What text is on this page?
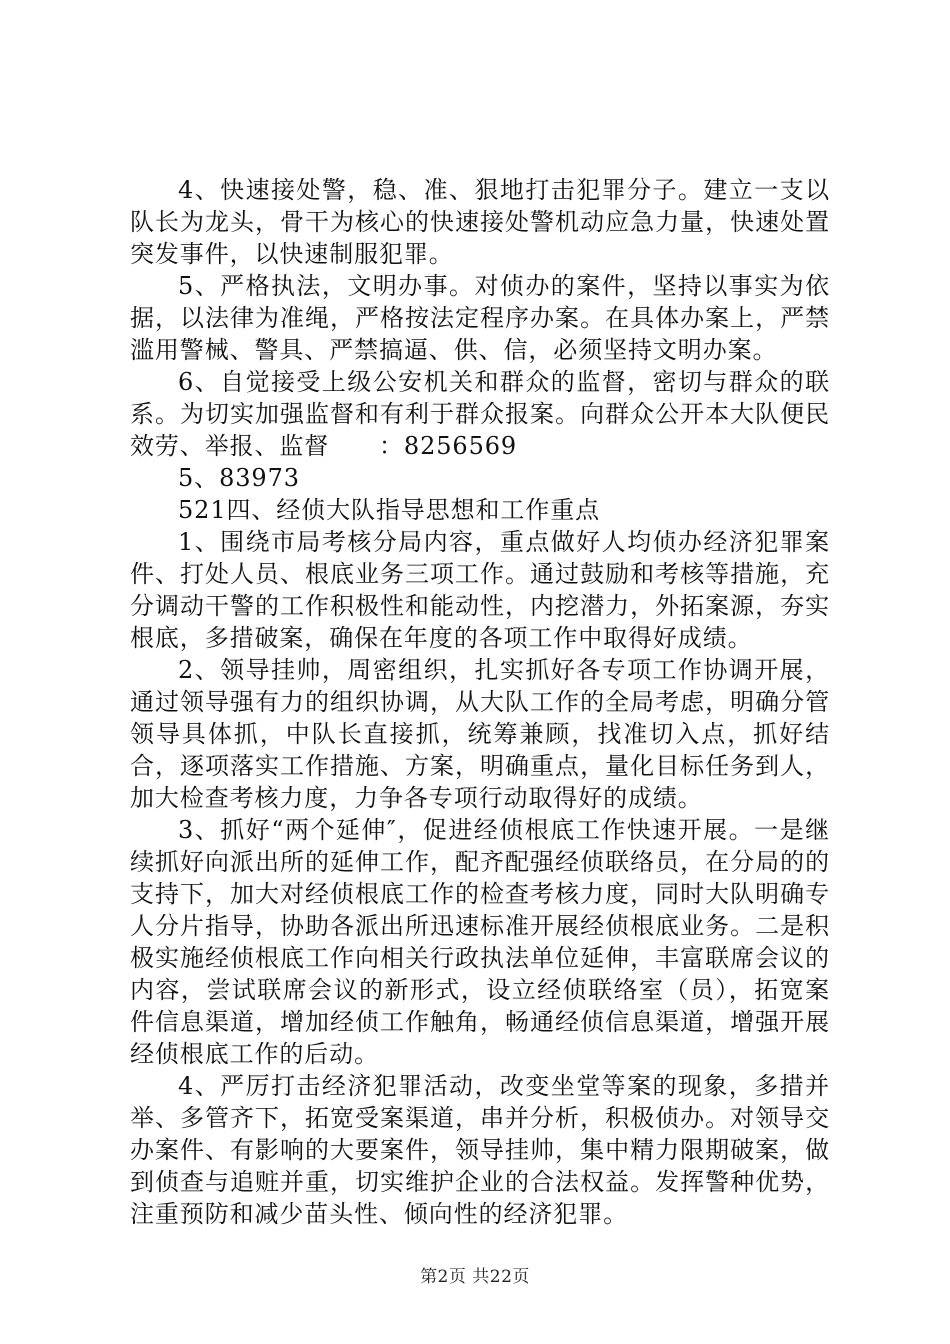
4、快速接处警，稳、准、狠地打击犯罪分子。建立一支以队长为龙头，骨干为核心的快速接处警机动应急力量，快速处置突发事件，以快速制服犯罪。

5、严格执法，文明办事。对侦办的案件，坚持以事实为依据，以法律为准绳，严格按法定程序办案。在具体办案上，严禁滥用警械、警具、严禁搞逼、供、信，必须坚持文明办案。

6、自觉接受上级公安机关和群众的监督，密切与群众的联系。为切实加强监督和有利于群众报案。向群众公开本大队便民效劳、举报、监督　　：8256569

5、83973

521四、经侦大队指导思想和工作重点

1、围绕市局考核分局内容，重点做好人均侦办经济犯罪案件、打处人员、根底业务三项工作。通过鼓励和考核等措施，充分调动干警的工作积极性和能动性，内挖潜力，外拓案源，夯实根底，多措破案，确保在年度的各项工作中取得好成绩。

2、领导挂帅，周密组织，扎实抓好各专项工作协调开展，通过领导强有力的组织协调，从大队工作的全局考虑，明确分管领导具体抓，中队长直接抓，统筹兼顾，找准切入点，抓好结合，逐项落实工作措施、方案，明确重点，量化目标任务到人，加大检查考核力度，力争各专项行动取得好的成绩。

3、抓好“两个延伸″，促进经侦根底工作快速开展。一是继续抓好向派出所的延伸工作，配齐配强经侦联络员，在分局的的支持下，加大对经侦根底工作的检查考核力度，同时大队明确专人分片指导，协助各派出所迅速标准开展经侦根底业务。二是积极实施经侦根底工作向相关行政执法单位延伸，丰富联席会议的内容，尝试联席会议的新形式，设立经侦联络室（员），拓宽案件信息渠道，增加经侦工作触角，畅通经侦信息渠道，增强开展经侦根底工作的后动。

4、严厉打击经济犯罪活动，改变坐堂等案的现象，多措并举、多管齐下，拓宽受案渠道，串并分析，积极侦办。对领导交办案件、有影响的大要案件，领导挂帅，集中精力限期破案，做到侦查与追赃并重，切实维护企业的合法权益。发挥警种优势，注重预防和减少苗头性、倾向性的经济犯罪。

第2页 共22页
